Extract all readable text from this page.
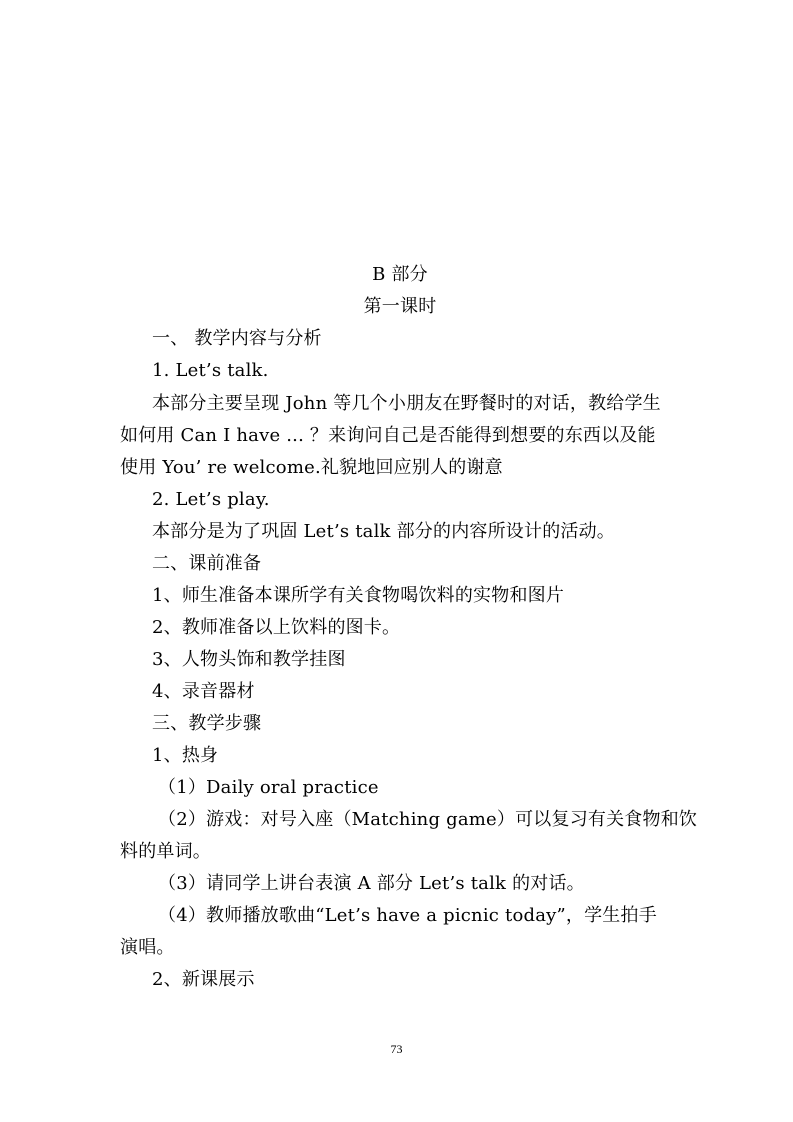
B 部分
第一课时
一、 教学内容与分析
1. Let’s talk.
本部分主要呈现 John 等几个小朋友在野餐时的对话，教给学生
如何用 Can I have ... ？来询问自己是否能得到想要的东西以及能
使用 You’ re welcome.礼貌地回应别人的谢意
2. Let’s play.
本部分是为了巩固 Let’s talk 部分的内容所设计的活动。
二、课前准备
1、师生准备本课所学有关食物喝饮料的实物和图片
2、教师准备以上饮料的图卡。
3、人物头饰和教学挂图
4、录音器材
三、教学步骤
1、热身
（1）Daily oral practice
（2）游戏：对号入座（Matching game）可以复习有关食物和饮
料的单词。
（3）请同学上讲台表演 A 部分 Let’s talk 的对话。
（4）教师播放歌曲“Let’s have a picnic today”，学生拍手
演唱。
2、新课展示
73
